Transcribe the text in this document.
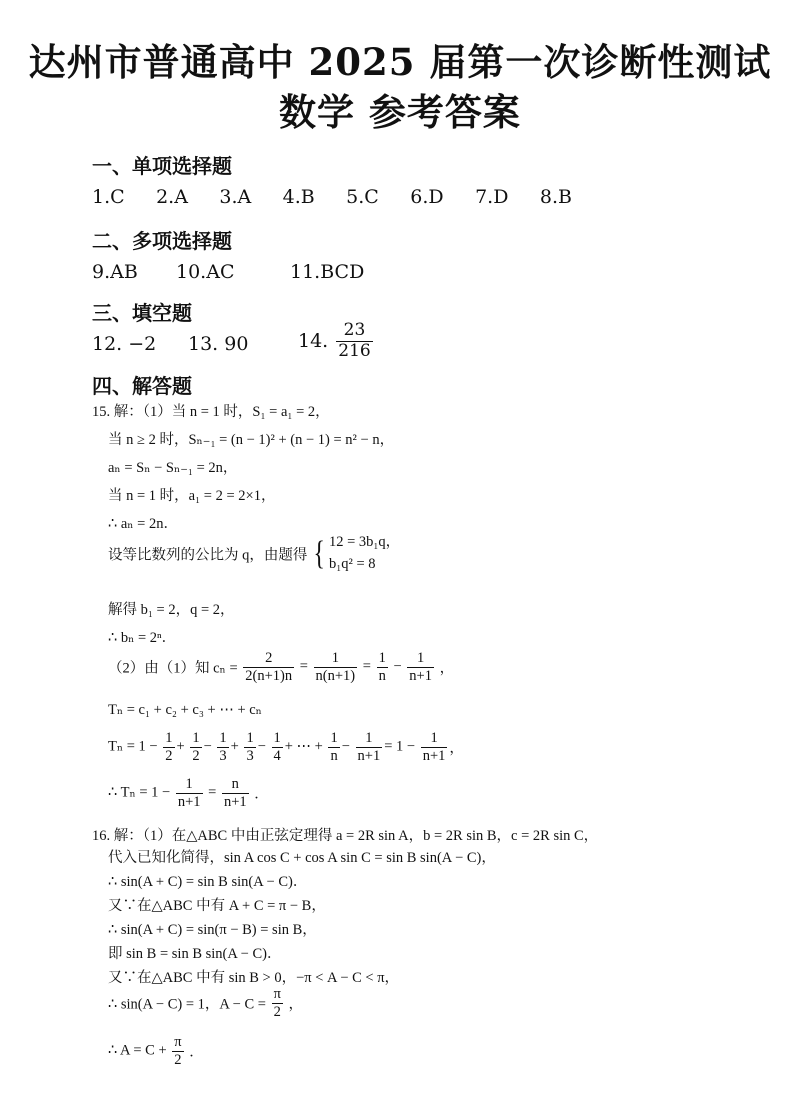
达州市普通高中 2025 届第一次诊断性测试
数学 参考答案
一、单项选择题
1.C 2.A 3.A 4.B 5.C 6.D 7.D 8.B
二、多项选择题
9.AB 10.AC	11.BCD
三、填空题
12. −2 13. 90	14. $\frac{23}{216}$
四、解答题
15. 解：（1）当 n = 1 时，S₁ = a₁ = 2，
当 n ≥ 2 时，Sₙ₋₁ = (n − 1)² + (n − 1) = n² − n，
aₙ = Sₙ − Sₙ₋₁ = 2n，
当 n = 1 时，a₁ = 2 = 2×1，
∴ aₙ = 2n．
设等比数列的公比为 q，由题得 { 12 = 3b₁q，
b₁q² = 8
解得 b₁ = 2，q = 2，
∴ bₙ = 2ⁿ．
（2）由（1）知 $c_n = \frac{2}{2(n+1)n} = \frac{1}{n(n+1)} = \frac{1}{n} - \frac{1}{n+1}$ ，
Tₙ = c₁ + c₂ + c₃ + ⋯ + cₙ
$T_n = 1 - \frac{1}{2} + \frac{1}{2} - \frac{1}{3} + \frac{1}{3} - \frac{1}{4}$ + ⋯ + $\frac{1}{n} - \frac{1}{n+1} = 1 - \frac{1}{n+1}$ ，
∴ $T_n = 1 - \frac{1}{n+1} = \frac{n}{n+1}$ ．
16. 解：（1）在△ABC 中由正弦定理得 a = 2R sin A，b = 2R sin B，c = 2R sin C，
代入已知化简得，sin A cos C + cos A sin C = sin B sin(A − C)，
∴ sin(A + C) = sin B sin(A − C)．
又∵在△ABC 中有 A + C = π − B，
∴ sin(A + C) = sin(π − B) = sin B，
即 sin B = sin B sin(A − C)．
又∵在△ABC 中有 sin B > 0，−π < A − C < π，
∴ sin(A − C) = 1，$A - C = \frac{\pi}{2}$ ，
∴ $A = C + \frac{\pi}{2}$ ．
